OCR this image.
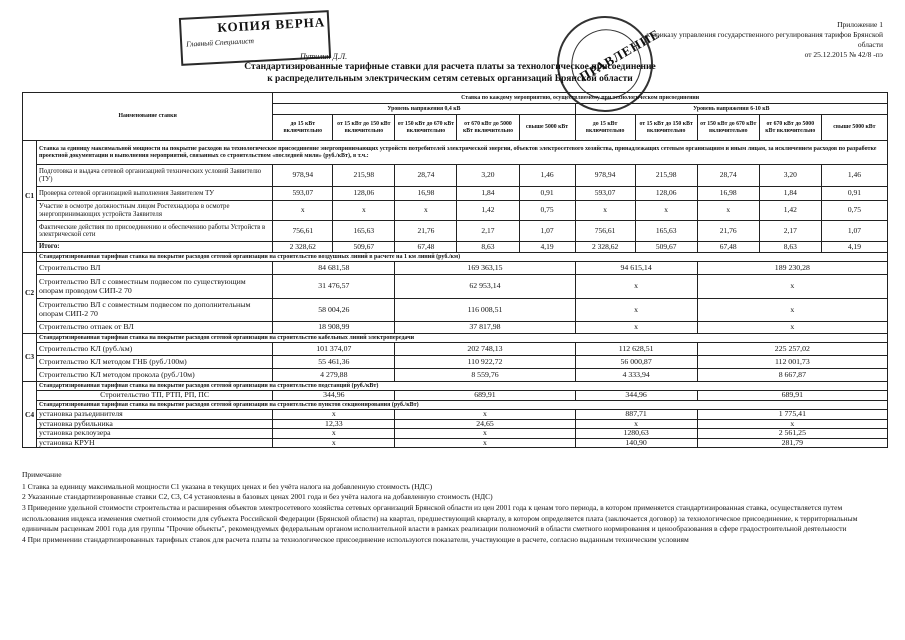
КОПИЯ ВЕРНА
Главный Специалист
Путилин Д.Л.	ПРАВЛЕНИЕ
Приложение 1
к приказу управления государственного регулирования тарифов Брянской области
от 25.12.2015 № 42/8 -пэ
Стандартизированные тарифные ставки для расчета платы за технологическое присоединение
к распределительным электрическим сетям сетевых организаций Брянской области
Наименование ставки		Ставка по каждому мероприятию, осуществляемому при технологическом присоединении									
		Уровень напряжения 0,4 кВ					Уровень напряжения 6-10 кВ				
		до 15 кВт включительно	от 15 кВт до 150 кВт включительно	от 150 кВт до 670 кВт включительно	от 670 кВт до 5000 кВт включительно	свыше 5000 кВт	до 15 кВт включительно	от 15 кВт до 150 кВт включительно	от 150 кВт до 670 кВт включительно	от 670 кВт до 5000 кВт включительно	свыше 5000 кВт
С1	Ставка за единицу максимальной мощности на покрытие расходов на технологическое присоединение энергопринимающих устройств потребителей электрической энергии, объектов электросетевого хозяйства, принадлежащих сетевым организациям и иным лицам, за исключением расходов по разработке проектной документации и выполнения мероприятий, связанных со строительством «последней мили» (руб./кВт), в т.ч.:										
	Подготовка и выдача сетевой организацией технических условий Заявителю (ТУ)	978,94	215,98	28,74	3,20	1,46	978,94	215,98	28,74	3,20	1,46
	Проверка сетевой организацией выполнения Заявителем ТУ	593,07	128,06	16,98	1,84	0,91	593,07	128,06	16,98	1,84	0,91
	Участие в осмотре должностным лицом Ростехнадзора в осмотре энергопринимающих устройств Заявителя	x	x	x	1,42	0,75	x	x	x	1,42	0,75
	Фактические действия по присоединению и обеспечению работы Устройств в электрической сети	756,61	165,63	21,76	2,17	1,07	756,61	165,63	21,76	2,17	1,07
	Итого:	2 328,62	509,67	67,48	8,63	4,19	2 328,62	509,67	67,48	8,63	4,19
С2	Стандартизированная тарифная ставка на покрытие расходов сетевой организации на строительство воздушных линий в расчете на 1 км линий (руб./км)										
	Строительство ВЛ	84 681,58		169 363,15			94 615,14		189 230,28		
	Строительство ВЛ с совместным подвесом по существующим опорам проводом СИП-2 70	31 476,57		62 953,14			x		x		
	Строительство ВЛ с совместным подвесом по дополнительным опорам СИП-2 70	58 004,26		116 008,51			x		x		
	Строительство отпаек от ВЛ	18 908,99		37 817,98			x		x		
С3	Стандартизированная тарифная ставка на покрытие расходов сетевой организации на строительство кабельных линий электропередачи										
	Строительство КЛ (руб./км)	101 374,07		202 748,13			112 628,51		225 257,02		
	Строительство КЛ методом ГНБ (руб./100м)	55 461,36		110 922,72			56 000,87		112 001,73		
	Строительство КЛ методом прокола (руб./10м)	4 279,88		8 559,76			4 333,94		8 667,87		
С4	Стандартизированная тарифная ставка на покрытие расходов сетевой организации на строительство подстанций (руб./кВт)										
	Строительство ТП, РТП, РП, ПС	344,96		689,91			344,96		689,91		
	Стандартизированная тарифная ставка на покрытие расходов сетевой организации на строительство пунктов секционирования (руб./кВт)										
	установка разъединителя	x		x			887,71		1 775,41		
	установка рубильника	12,33		24,65			x		x		
	установка реклоузера	x		x			1280,63		2 561,25		
	установка КРУН	x		x			140,90		281,79		
Примечание
1 Ставка за единицу максимальной мощности С1 указана в текущих ценах и без учёта налога на добавленную стоимость (НДС)
2 Указанные стандартизированные ставки С2, С3, С4 установлены в базовых ценах 2001 года и без учёта налога на добавленную стоимость (НДС)
3 Приведение удельной стоимости строительства и расширения объектов электросетевого хозяйства сетевых организаций Брянской области из цен 2001 года к ценам того периода, в котором применяется стандартизированная ставка, осуществляется путем использования индекса изменения сметной стоимости для субъекта Российской Федерации (Брянской области) на квартал, предшествующий кварталу, в котором определяется плата (заключается договор) за технологическое присоединение, к территориальным единичным расценкам 2001 года для группы "Прочие объекты", рекомендуемых федеральным органом исполнительной власти в рамках реализации полномочий в области сметного нормирования и ценообразования в сфере градостроительной деятельности
4 При применении стандартизированных тарифных ставок для расчета платы за технологическое присоединение используются показатели, участвующие в расчете, согласно выданным техническим условиям
